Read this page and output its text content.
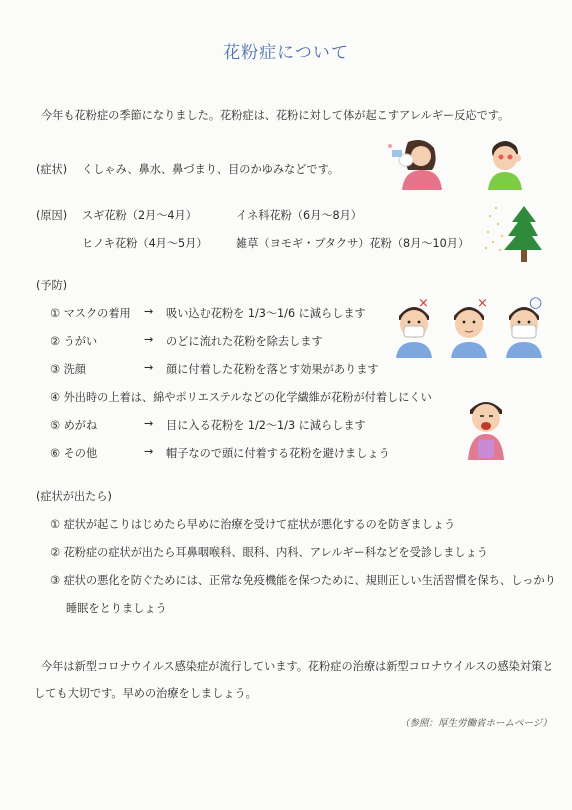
花粉症について
今年も花粉症の季節になりました。花粉症は、花粉に対して体が起こすアレルギー反応です。
(症状) くしゃみ、鼻水、鼻づまり、目のかゆみなどです。
(原因) スギ花粉（2月〜4月）	イネ科花粉（6月〜8月）
ヒノキ花粉（4月〜5月）	雑草（ヨモギ・ブタクサ）花粉（8月〜10月）
(予防)
① マスクの着用 → 吸い込む花粉を 1/3〜1/6 に減らします
② うがい	→ のどに流れた花粉を除去します
③ 洗顔	→ 顔に付着した花粉を落とす効果があります
④ 外出時の上着は、綿やポリエステルなどの化学繊維が花粉が付着しにくい
⑤ めがね	→ 目に入る花粉を 1/2〜1/3 に減らします
⑥ その他	→ 帽子なので頭に付着する花粉を避けましょう
(症状が出たら)
① 症状が起こりはじめたら早めに治療を受けて症状が悪化するのを防ぎましょう
② 花粉症の症状が出たら耳鼻咽喉科、眼科、内科、アレルギー科などを受診しましょう
③ 症状の悪化を防ぐためには、正常な免疫機能を保つために、規則正しい生活習慣を保ち、しっかり
睡眠をとりましょう
今年は新型コロナウイルス感染症が流行しています。花粉症の治療は新型コロナウイルスの感染対策と
しても大切です。早めの治療をしましょう。
（参照：厚生労働省ホームページ）
×	×	○
